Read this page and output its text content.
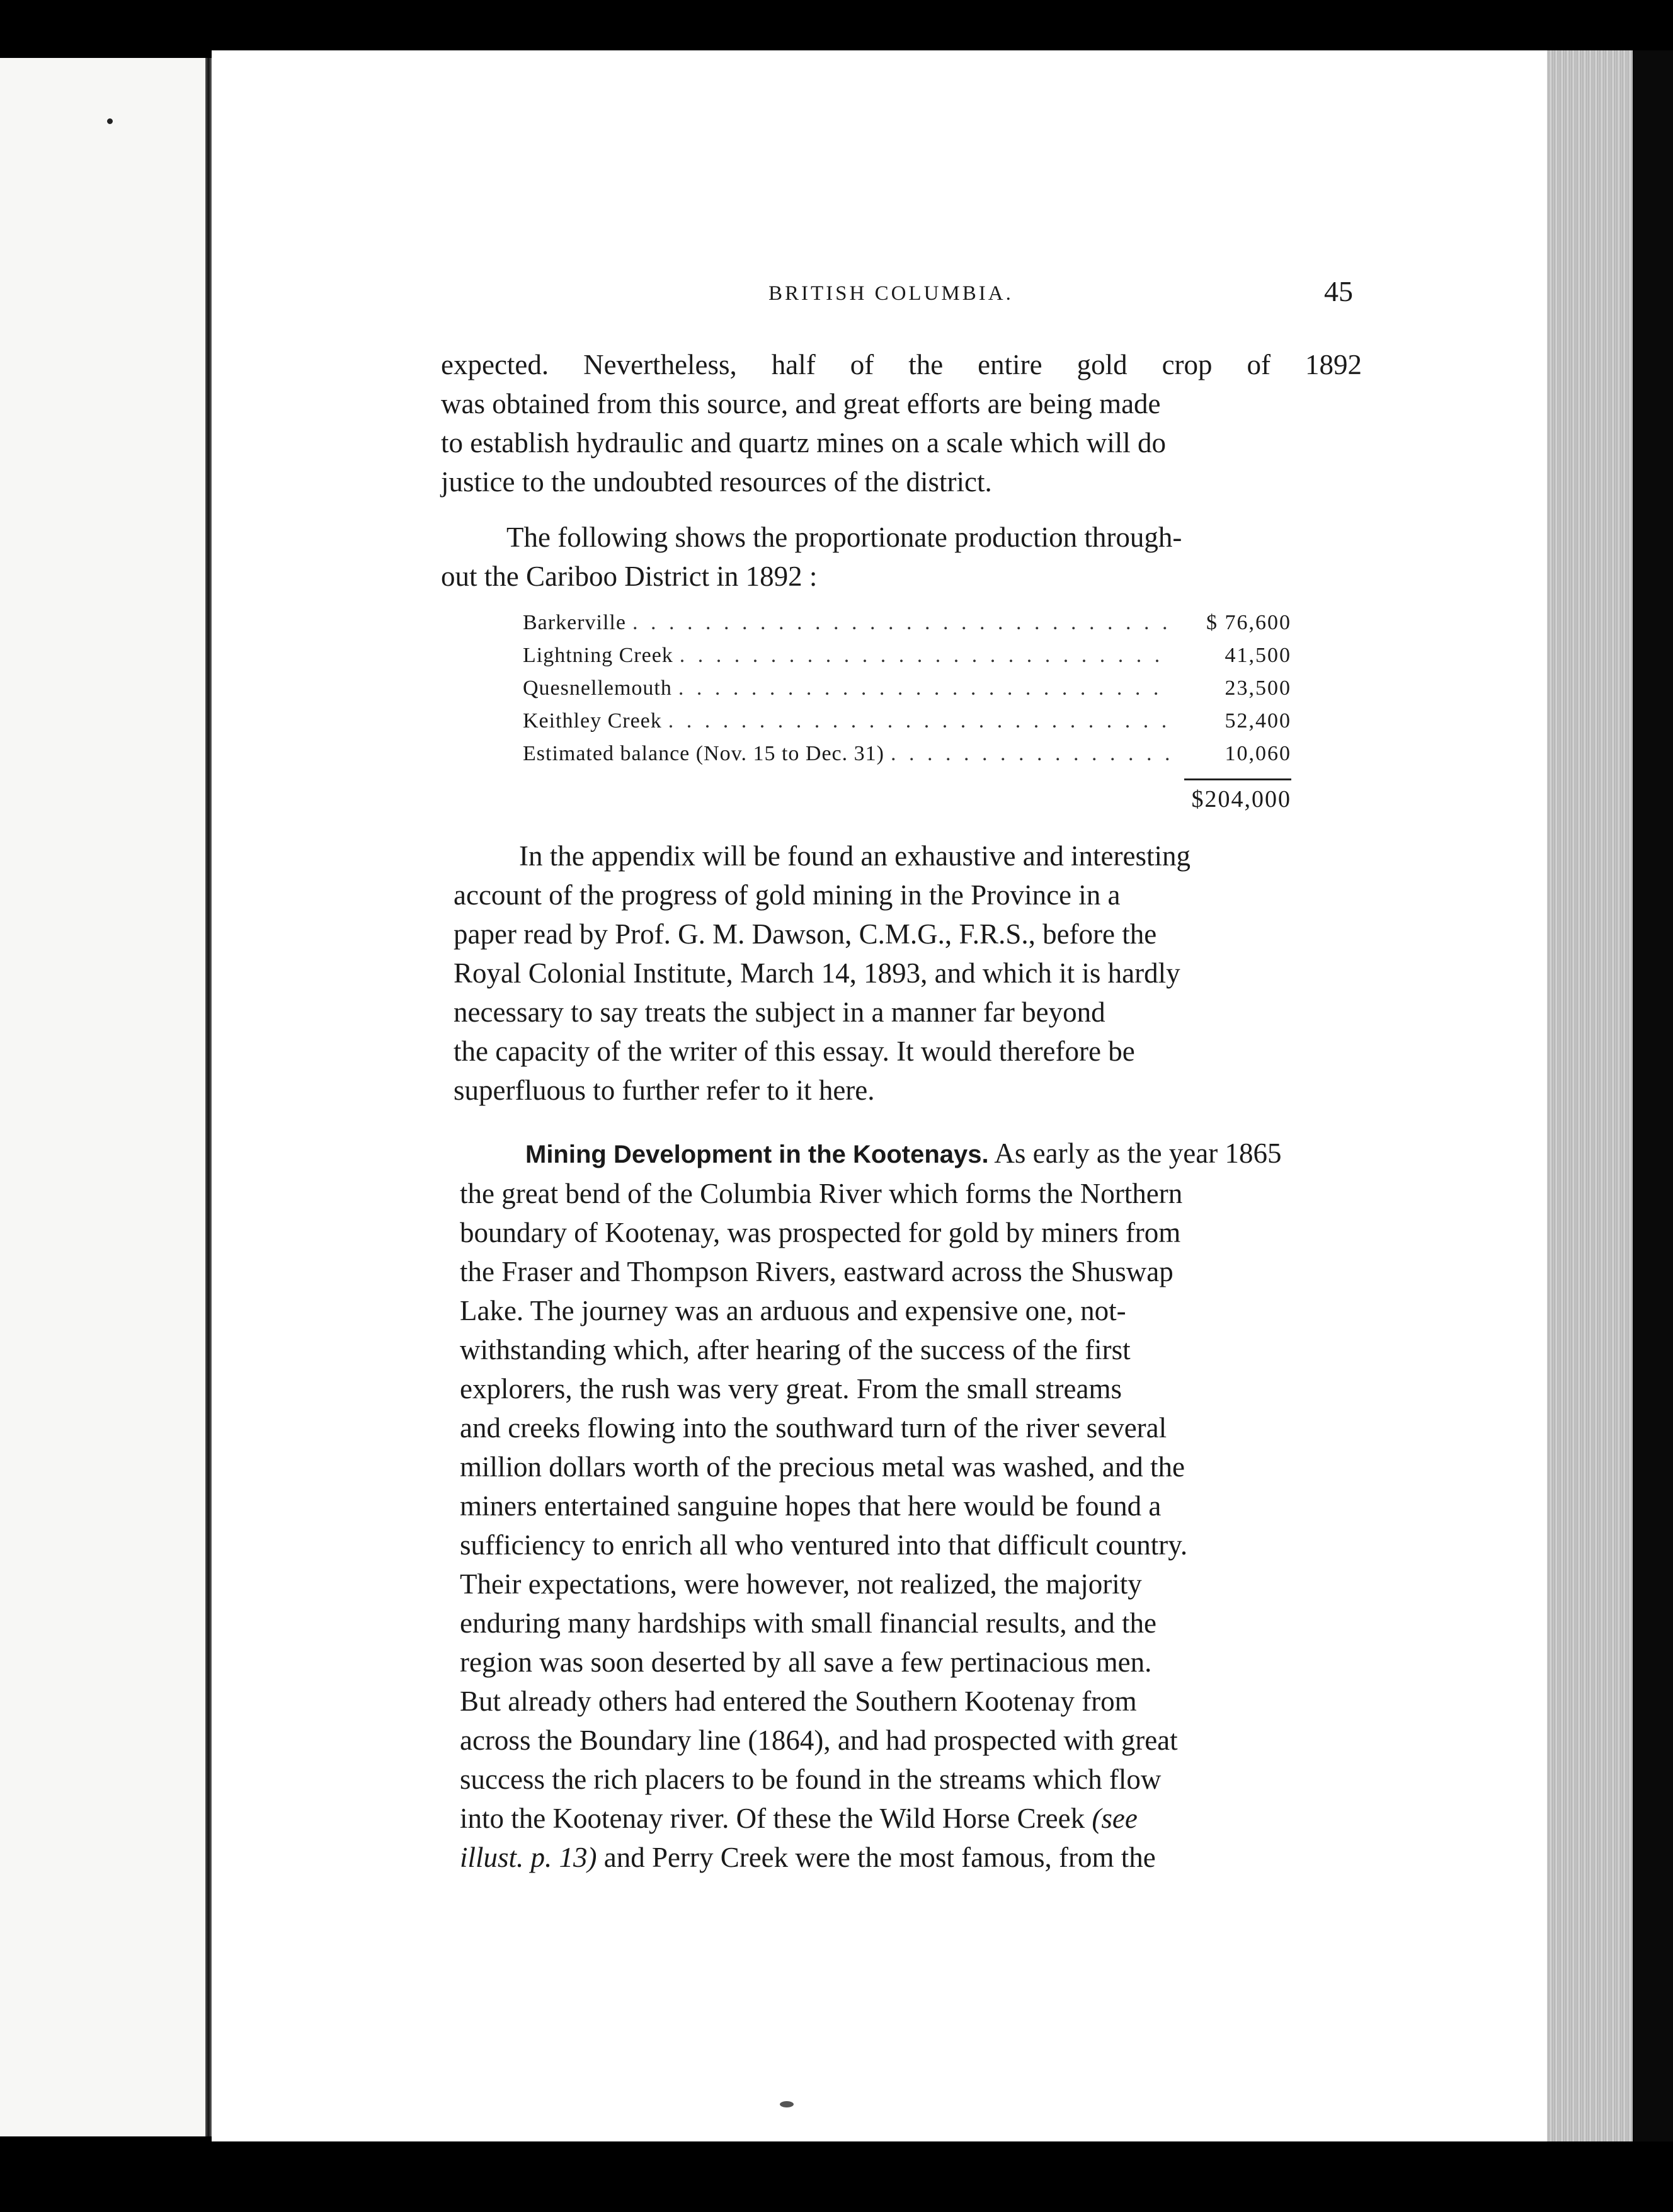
BRITISH COLUMBIA.	45
expected. Nevertheless, half of the entire gold crop of 1892
was obtained from this source, and great efforts are being made
to establish hydraulic and quartz mines on a scale which will do
justice to the undoubted resources of the district.
The following shows the proportionate production through-
out the Cariboo District in 1892 :
Barkerville . . .	$ 76,600
Lightning Creek . . .	41,500
Quesnellemouth . . .	23,500
Keithley Creek . . .	52,400
Estimated balance (Nov. 15 to Dec. 31) . . .	10,060
$204,000
In the appendix will be found an exhaustive and interesting
account of the progress of gold mining in the Province in a
paper read by Prof. G. M. Dawson, C.M.G., F.R.S., before the
Royal Colonial Institute, March 14, 1893, and which it is hardly
necessary to say treats the subject in a manner far beyond
the capacity of the writer of this essay. It would therefore be
superfluous to further refer to it here.
Mining Development in the Kootenays. As early as the year 1865
the great bend of the Columbia River which forms the Northern
boundary of Kootenay, was prospected for gold by miners from
the Fraser and Thompson Rivers, eastward across the Shuswap
Lake. The journey was an arduous and expensive one, not-
withstanding which, after hearing of the success of the first
explorers, the rush was very great. From the small streams
and creeks flowing into the southward turn of the river several
million dollars worth of the precious metal was washed, and the
miners entertained sanguine hopes that here would be found a
sufficiency to enrich all who ventured into that difficult country.
Their expectations, were however, not realized, the majority
enduring many hardships with small financial results, and the
region was soon deserted by all save a few pertinacious men.
But already others had entered the Southern Kootenay from
across the Boundary line (1864), and had prospected with great
success the rich placers to be found in the streams which flow
into the Kootenay river. Of these the Wild Horse Creek (see
illust. p. 13) and Perry Creek were the most famous, from the
